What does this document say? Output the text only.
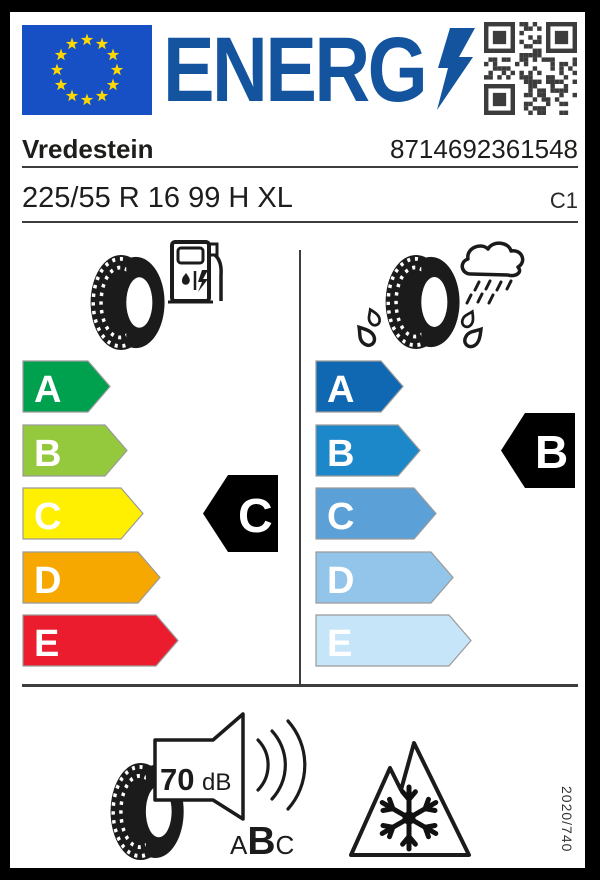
ENERG
Vredestein	8714692361548
225/55 R 16 99 H XL	C1
A
B
C
D
E
A
B
C
D
E
C
B
70 dB
ABC	2020/740
